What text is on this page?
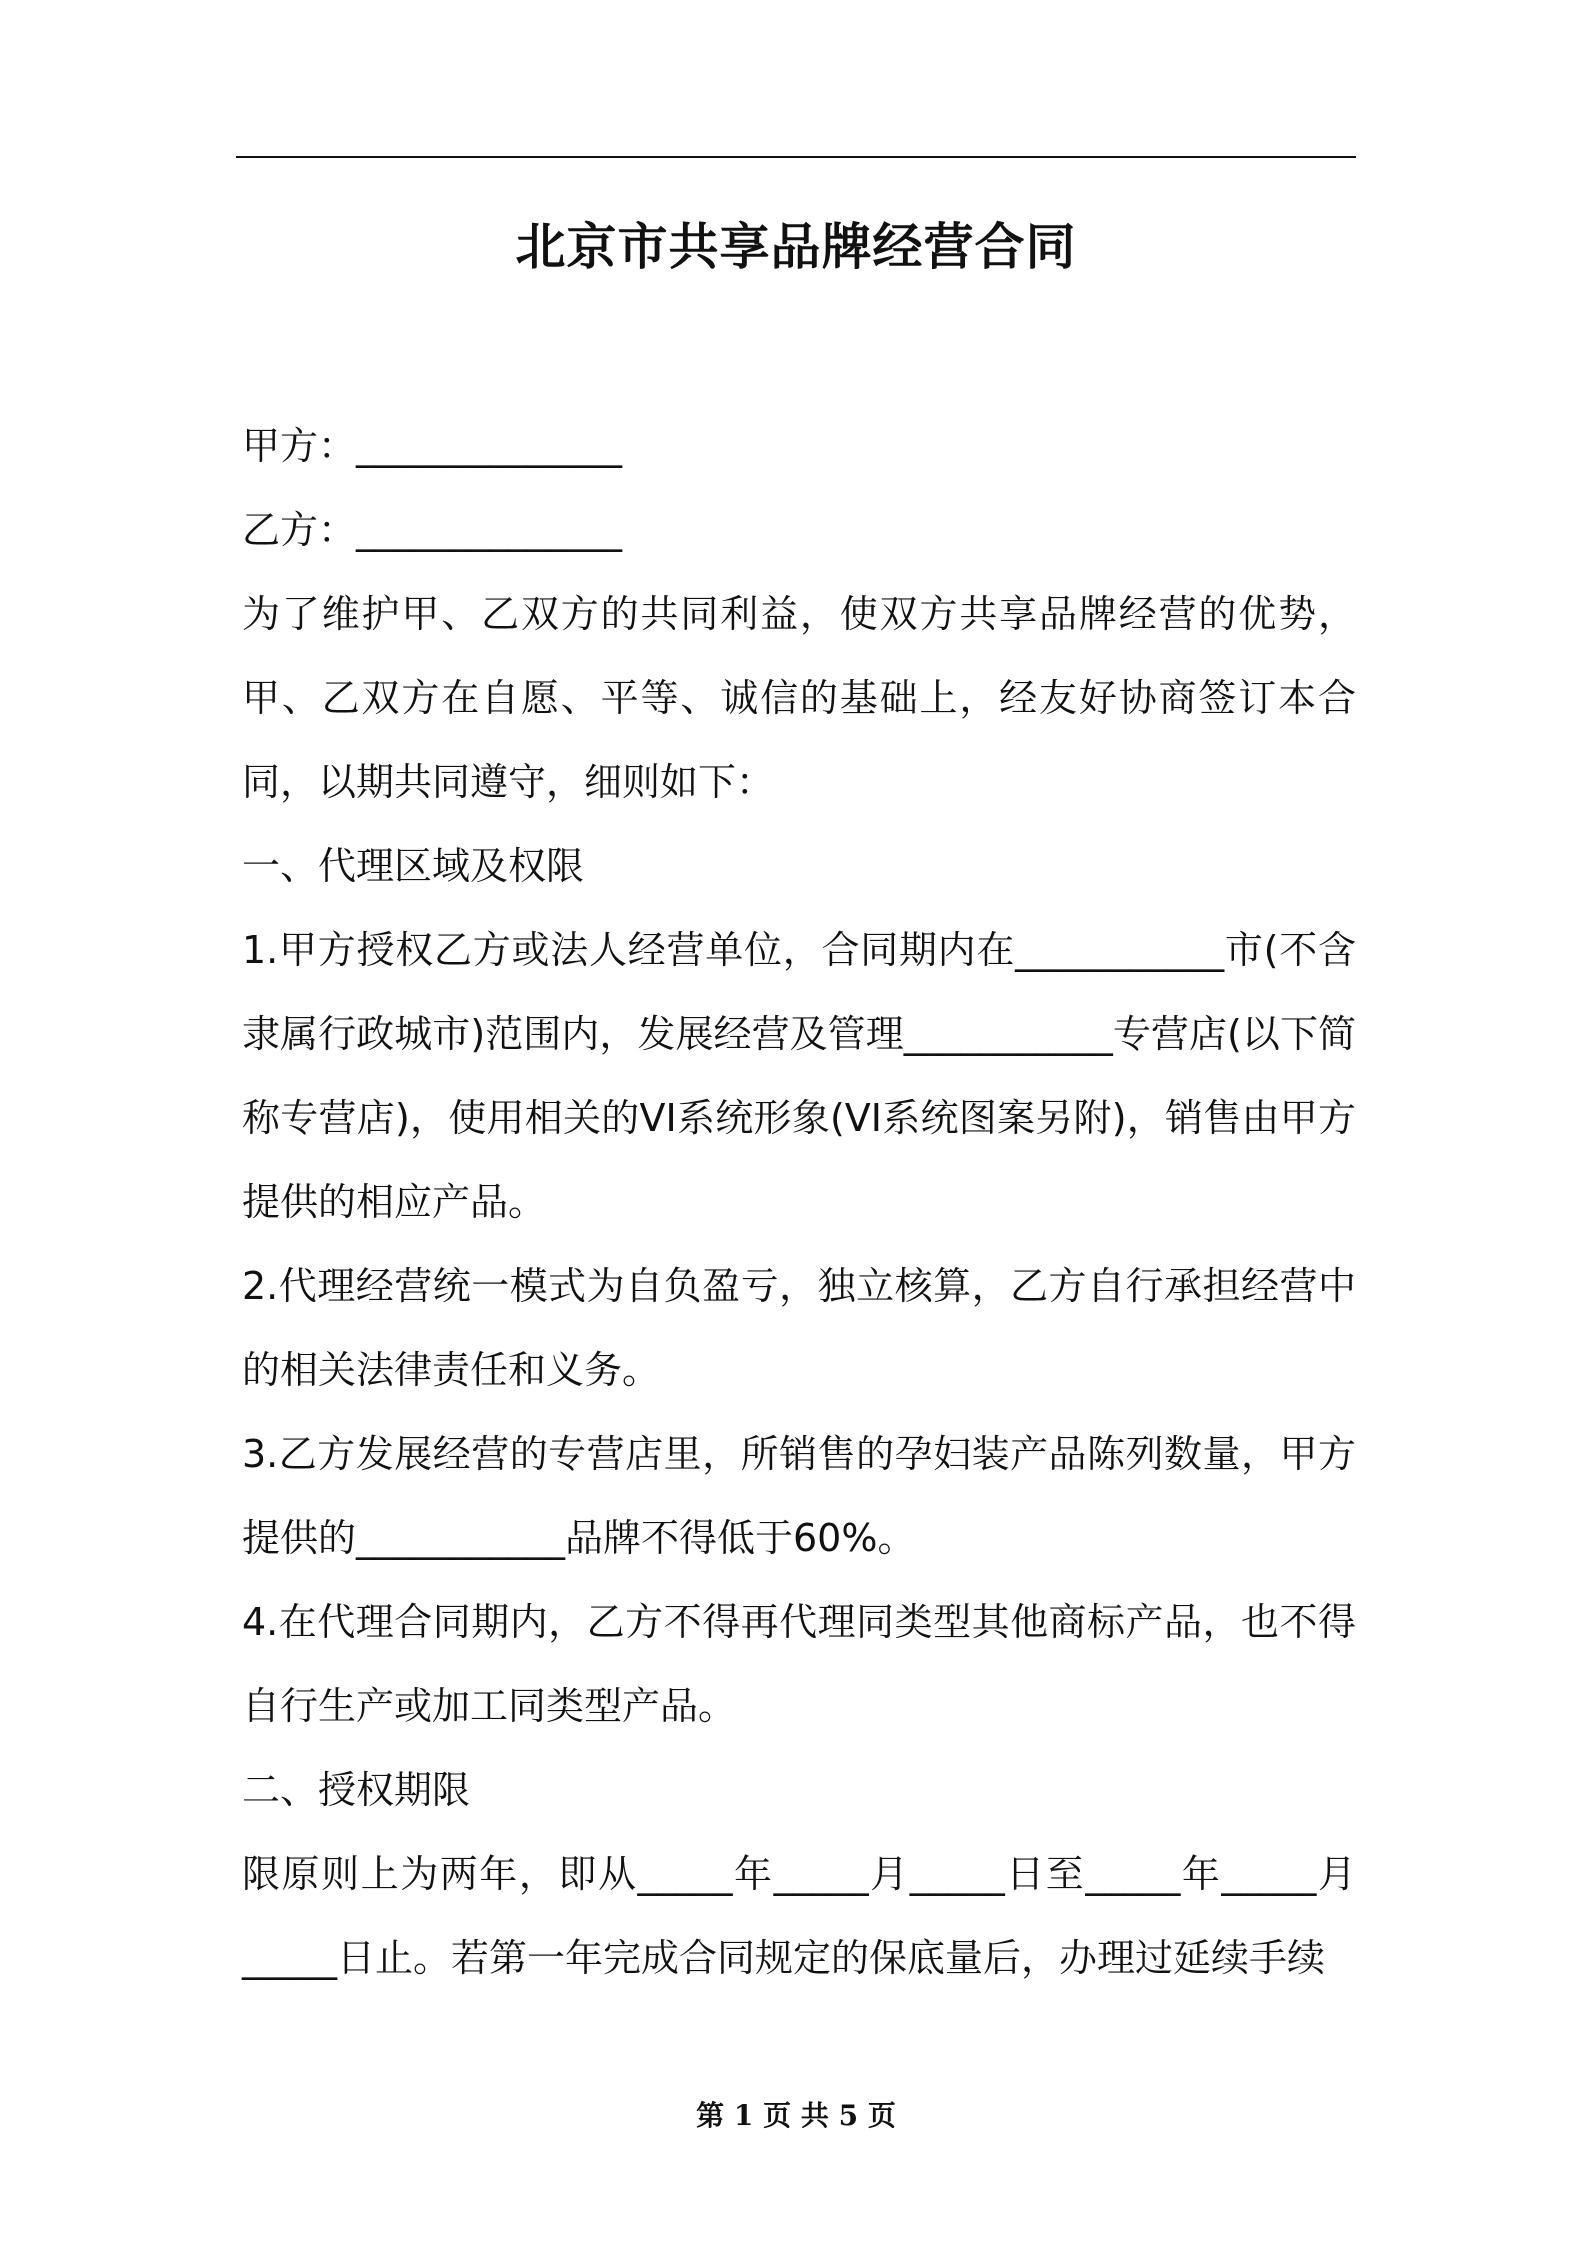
北京市共享品牌经营合同

甲方：______________

乙方：______________

为了维护甲、乙双方的共同利益，使双方共享品牌经营的优势，甲、乙双方在自愿、平等、诚信的基础上，经友好协商签订本合同，以期共同遵守，细则如下：

一、代理区域及权限

1.甲方授权乙方或法人经营单位，合同期内在___________市(不含隶属行政城市)范围内，发展经营及管理___________专营店(以下简称专营店)，使用相关的VI系统形象(VI系统图案另附)，销售由甲方提供的相应产品。

2.代理经营统一模式为自负盈亏，独立核算，乙方自行承担经营中的相关法律责任和义务。

3.乙方发展经营的专营店里，所销售的孕妇装产品陈列数量，甲方提供的___________品牌不得低于60%。

4.在代理合同期内，乙方不得再代理同类型其他商标产品，也不得自行生产或加工同类型产品。

二、授权期限

限原则上为两年，即从_____年_____月_____日至_____年_____月_____日止。若第一年完成合同规定的保底量后，办理过延续手续

第 1 页 共 5 页
